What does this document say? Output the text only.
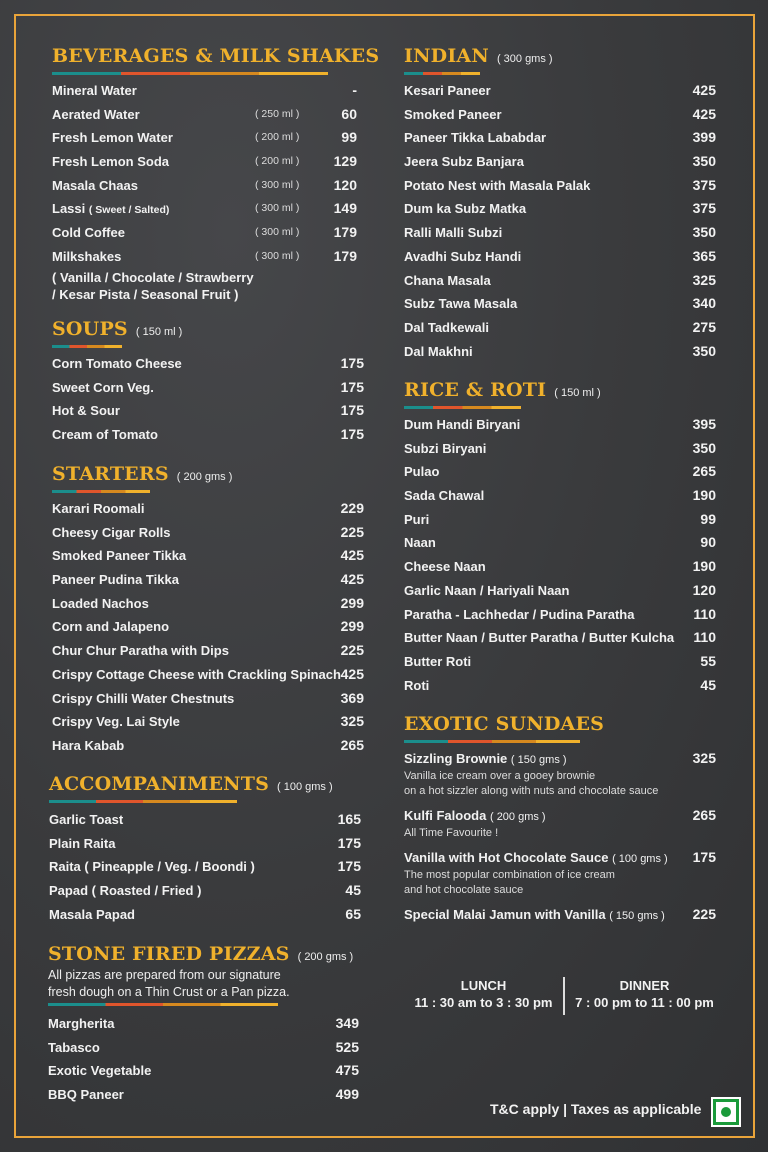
BEVERAGES & MILK SHAKES
Mineral Water	-
Aerated Water	( 250 ml )	60
Fresh Lemon Water	( 200 ml )	99
Fresh Lemon Soda	( 200 ml ) 129
Masala Chaas	( 300 ml ) 120
Lassi ( Sweet / Salted)	( 300 ml ) 149
Cold Coffee	( 300 ml ) 179
Milkshakes	( 300 ml ) 179
( Vanilla / Chocolate / Strawberry
/ Kesar Pista / Seasonal Fruit )
SOUPS ( 150 ml )
Corn Tomato Cheese	175
Sweet Corn Veg.	175
Hot & Sour	175
Cream of Tomato	175
STARTERS ( 200 gms )
Karari Roomali	229
Cheesy Cigar Rolls	225
Smoked Paneer Tikka	425
Paneer Pudina Tikka	425
Loaded Nachos	299
Corn and Jalapeno	299
Chur Chur Paratha with Dips	225
Crispy Cottage Cheese with Crackling Spinach 425
Crispy Chilli Water Chestnuts	369
Crispy Veg. Lai Style	325
Hara Kabab	265
ACCOMPANIMENTS ( 100 gms )
Garlic Toast	165
Plain Raita	175
Raita ( Pineapple / Veg. / Boondi )	175
Papad ( Roasted / Fried )	45
Masala Papad	65
STONE FIRED PIZZAS ( 200 gms )
All pizzas are prepared from our signature
fresh dough on a Thin Crust or a Pan pizza.
Margherita	349
Tabasco	525
Exotic Vegetable	475
BBQ Paneer	499
INDIAN ( 300 gms )
Kesari Paneer	425
Smoked Paneer	425
Paneer Tikka Lababdar	399
Jeera Subz Banjara	350
Potato Nest with Masala Palak	375
Dum ka Subz Matka	375
Ralli Malli Subzi	350
Avadhi Subz Handi	365
Chana Masala	325
Subz Tawa Masala	340
Dal Tadkewali	275
Dal Makhni	350
RICE & ROTI ( 150 ml )
Dum Handi Biryani	395
Subzi Biryani	350
Pulao	265
Sada Chawal	190
Puri	99
Naan	90
Cheese Naan	190
Garlic Naan / Hariyali Naan	120
Paratha - Lachhedar / Pudina Paratha	110
Butter Naan / Butter Paratha / Butter Kulcha 110
Butter Roti	55
Roti	45
EXOTIC SUNDAES
Sizzling Brownie ( 150 gms )	325
Vanilla ice cream over a gooey brownie
on a hot sizzler along with nuts and chocolate sauce
Kulfi Falooda ( 200 gms )	265
All Time Favourite !
Vanilla with Hot Chocolate Sauce ( 100 gms )	175
The most popular combination of ice cream
and hot chocolate sauce
Special Malai Jamun with Vanilla ( 150 gms )	225
LUNCH
11 : 30 am to 3 : 30 pm
DINNER
7 : 00 pm to 11 : 00 pm
T&C apply | Taxes as applicable
